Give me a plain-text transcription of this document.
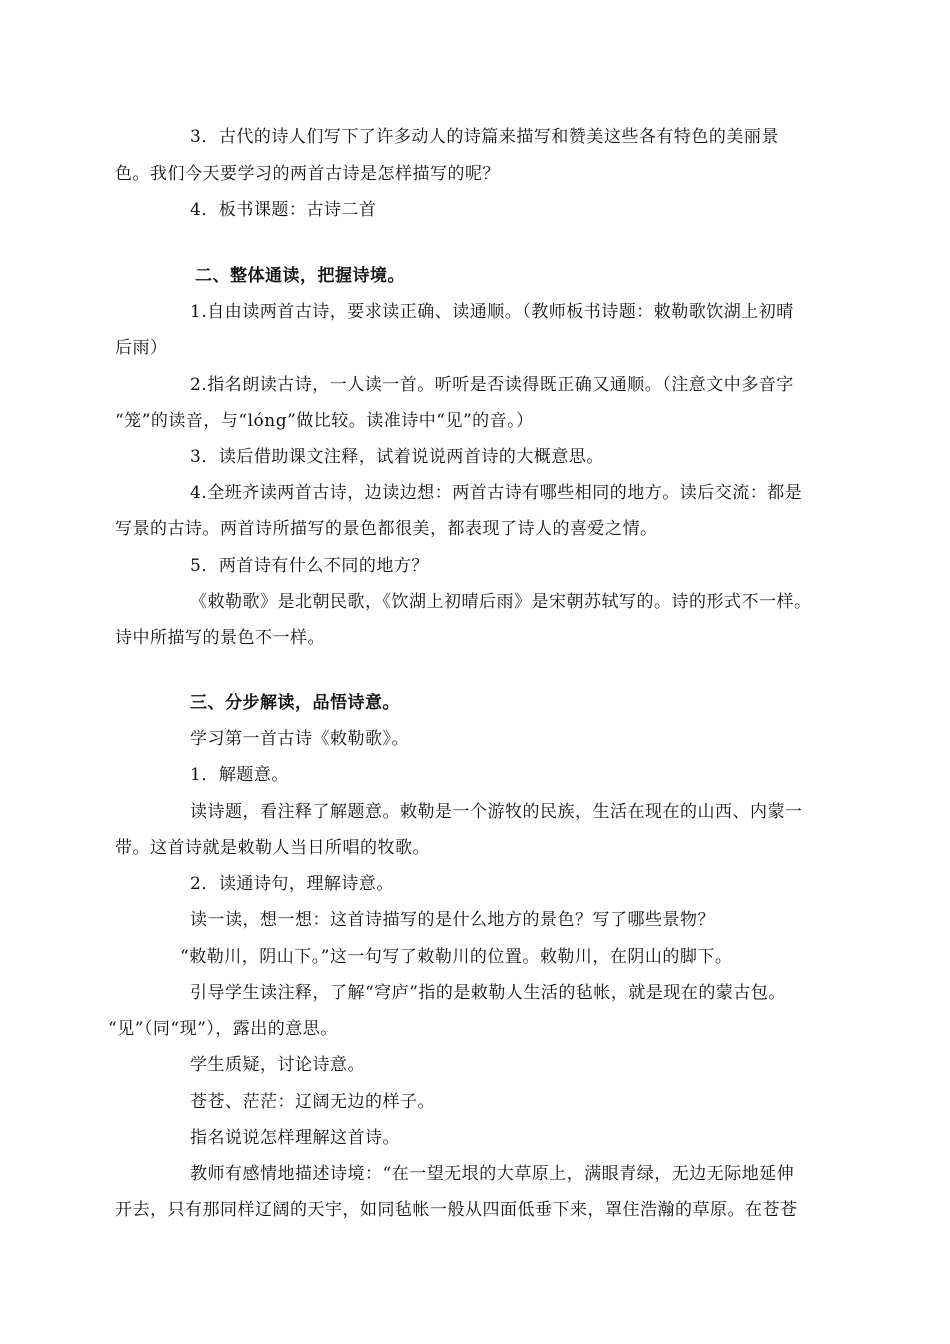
3．古代的诗人们写下了许多动人的诗篇来描写和赞美这些各有特色的美丽景
色。我们今天要学习的两首古诗是怎样描写的呢？
4．板书课题：古诗二首
二、整体通读，把握诗境。
1.自由读两首古诗，要求读正确、读通顺。（教师板书诗题：敕勒歌饮湖上初晴
后雨）
2.指名朗读古诗，一人读一首。听听是否读得既正确又通顺。（注意文中多音字
“笼”的读音，与“lóng”做比较。读准诗中“见”的音。）
3．读后借助课文注释，试着说说两首诗的大概意思。
4.全班齐读两首古诗，边读边想：两首古诗有哪些相同的地方。读后交流：都是
写景的古诗。两首诗所描写的景色都很美，都表现了诗人的喜爱之情。
5．两首诗有什么不同的地方？
《敕勒歌》是北朝民歌，《饮湖上初晴后雨》是宋朝苏轼写的。诗的形式不一样。
诗中所描写的景色不一样。
三、分步解读，品悟诗意。
学习第一首古诗《敕勒歌》。
1．解题意。
读诗题，看注释了解题意。敕勒是一个游牧的民族，生活在现在的山西、内蒙一
带。这首诗就是敕勒人当日所唱的牧歌。
2．读通诗句，理解诗意。
读一读，想一想：这首诗描写的是什么地方的景色？写了哪些景物？
“敕勒川，阴山下。”这一句写了敕勒川的位置。敕勒川，在阴山的脚下。
引导学生读注释，了解“穹庐”指的是敕勒人生活的毡帐，就是现在的蒙古包。
“见”（同“现”），露出的意思。
学生质疑，讨论诗意。
苍苍、茫茫：辽阔无边的样子。
指名说说怎样理解这首诗。
教师有感情地描述诗境：“在一望无垠的大草原上，满眼青绿，无边无际地延伸
开去，只有那同样辽阔的天宇，如同毡帐一般从四面低垂下来，罩住浩瀚的草原。在苍苍
